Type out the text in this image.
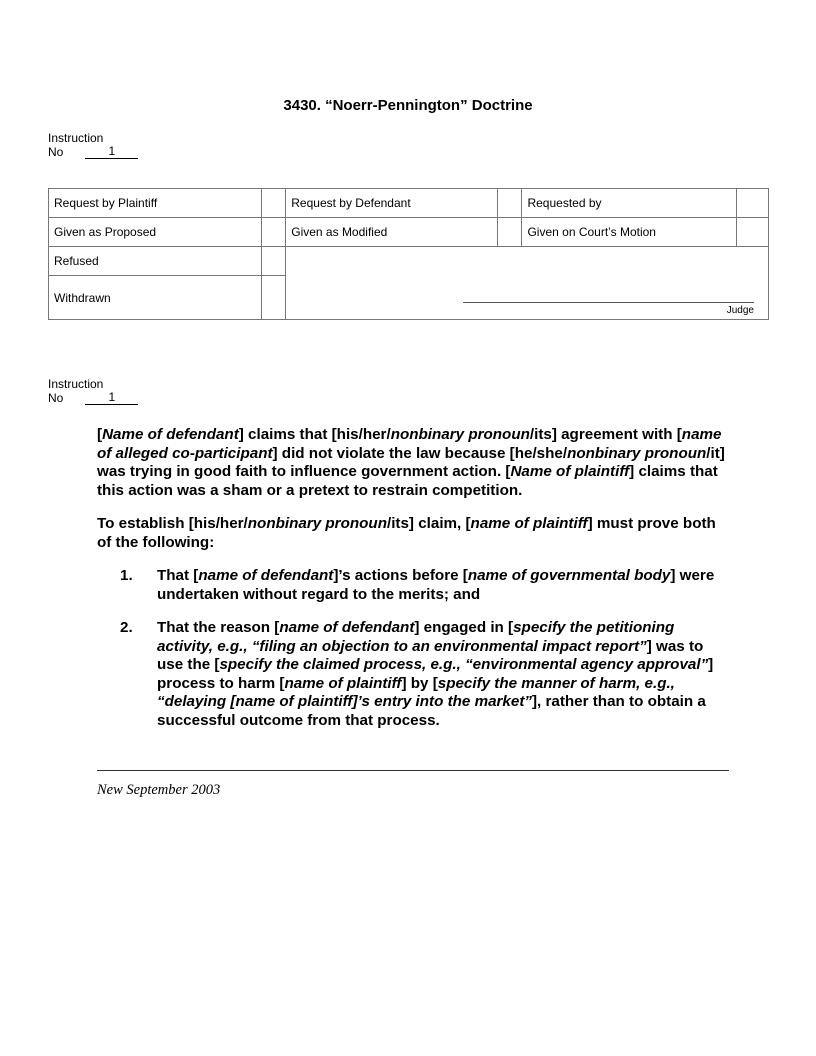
3430. “Noerr-Pennington” Doctrine
Instruction
No	1
Request by Plaintiff		Request by Defendant		Requested by	
Given as Proposed		Given as Modified		Given on Court’s Motion	
Refused		Judge			

Withdrawn					
Instruction
No	1

[Name of defendant] claims that [his/her/nonbinary pronoun/its] agreement with [name of alleged co-participant] did not violate the law because [he/she/nonbinary pronoun/it] was trying in good faith to influence government action. [Name of plaintiff] claims that this action was a sham or a pretext to restrain competition.

To establish [his/her/nonbinary pronoun/its] claim, [name of plaintiff] must prove both of the following:

1.	That [name of defendant]’s actions before [name of governmental body] were undertaken without regard to the merits; and
2.	That the reason [name of defendant] engaged in [specify the petitioning activity, e.g., “filing an objection to an environmental impact report”] was to use the [specify the claimed process, e.g., “environmental agency approval”] process to harm [name of plaintiff] by [specify the manner of harm, e.g., “delaying [name of plaintiff]’s entry into the market”], rather than to obtain a successful outcome from that process.
New September 2003
